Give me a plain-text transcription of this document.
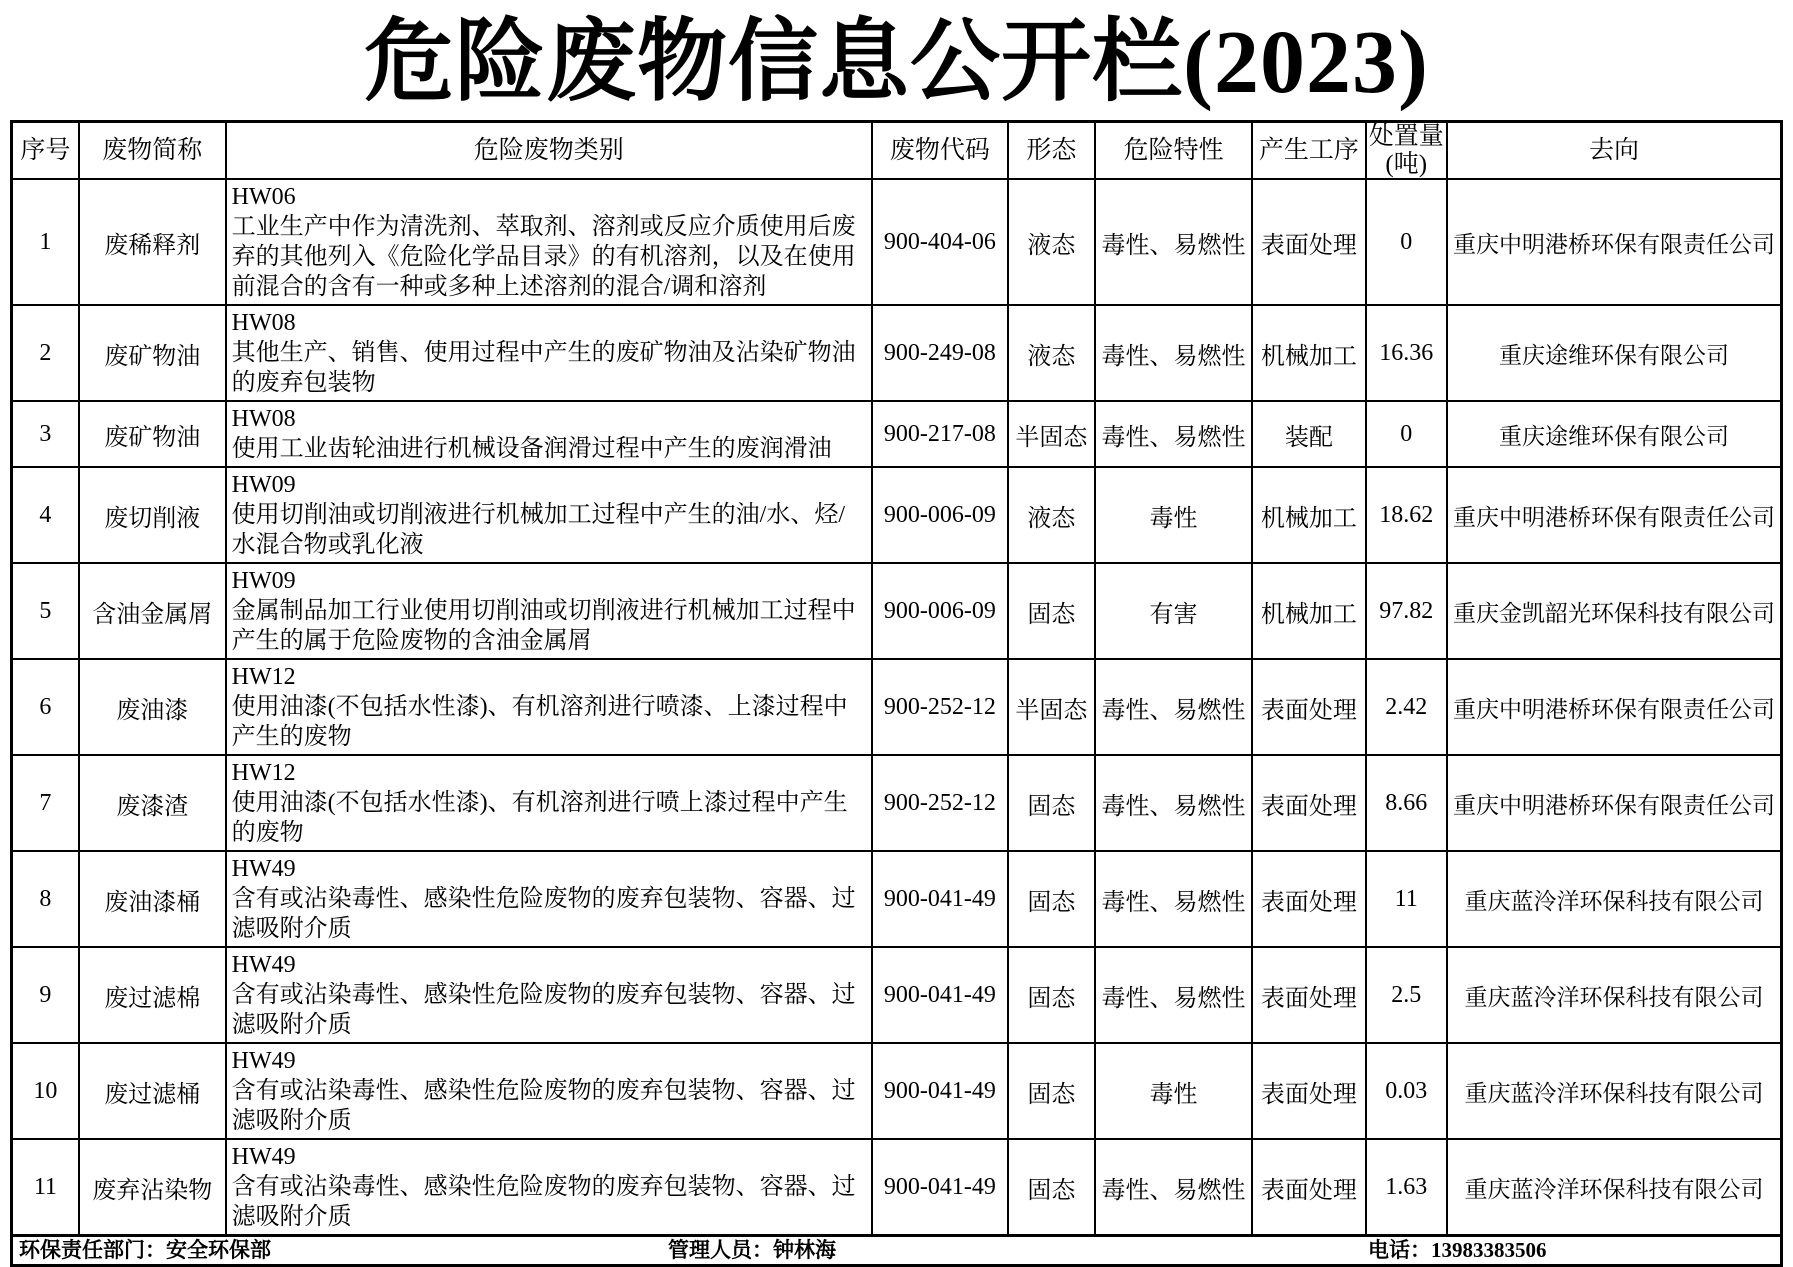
危险废物信息公开栏(2023)
序号	废物简称	危险废物类别	废物代码	形态	危险特性	产生工序	处置量(吨)	去向
1	废稀释剂	HW06
工业生产中作为清洗剂、萃取剂、溶剂或反应介质使用后废弃的其他列入《危险化学品目录》的有机溶剂，以及在使用前混合的含有一种或多种上述溶剂的混合/调和溶剂	900-404-06	液态	毒性、易燃性	表面处理	0	重庆中明港桥环保有限责任公司
2	废矿物油	HW08
其他生产、销售、使用过程中产生的废矿物油及沾染矿物油的废弃包装物	900-249-08	液态	毒性、易燃性	机械加工	16.36	重庆途维环保有限公司
3	废矿物油	HW08
使用工业齿轮油进行机械设备润滑过程中产生的废润滑油	900-217-08	半固态	毒性、易燃性	装配	0	重庆途维环保有限公司
4	废切削液	HW09
使用切削油或切削液进行机械加工过程中产生的油/水、烃/水混合物或乳化液	900-006-09	液态	毒性	机械加工	18.62	重庆中明港桥环保有限责任公司
5	含油金属屑	HW09
金属制品加工行业使用切削油或切削液进行机械加工过程中产生的属于危险废物的含油金属屑	900-006-09	固态	有害	机械加工	97.82	重庆金凯韶光环保科技有限公司
6	废油漆	HW12
使用油漆(不包括水性漆)、有机溶剂进行喷漆、上漆过程中产生的废物	900-252-12	半固态	毒性、易燃性	表面处理	2.42	重庆中明港桥环保有限责任公司
7	废漆渣	HW12
使用油漆(不包括水性漆)、有机溶剂进行喷上漆过程中产生的废物	900-252-12	固态	毒性、易燃性	表面处理	8.66	重庆中明港桥环保有限责任公司
8	废油漆桶	HW49
含有或沾染毒性、感染性危险废物的废弃包装物、容器、过滤吸附介质	900-041-49	固态	毒性、易燃性	表面处理	11	重庆蓝泠洋环保科技有限公司
9	废过滤棉	HW49
含有或沾染毒性、感染性危险废物的废弃包装物、容器、过滤吸附介质	900-041-49	固态	毒性、易燃性	表面处理	2.5	重庆蓝泠洋环保科技有限公司
10	废过滤桶	HW49
含有或沾染毒性、感染性危险废物的废弃包装物、容器、过滤吸附介质	900-041-49	固态	毒性	表面处理	0.03	重庆蓝泠洋环保科技有限公司
11	废弃沾染物	HW49
含有或沾染毒性、感染性危险废物的废弃包装物、容器、过滤吸附介质	900-041-49	固态	毒性、易燃性	表面处理	1.63	重庆蓝泠洋环保科技有限公司
环保责任部门：安全环保部	管理人员：钟林海	电话：13983383506
